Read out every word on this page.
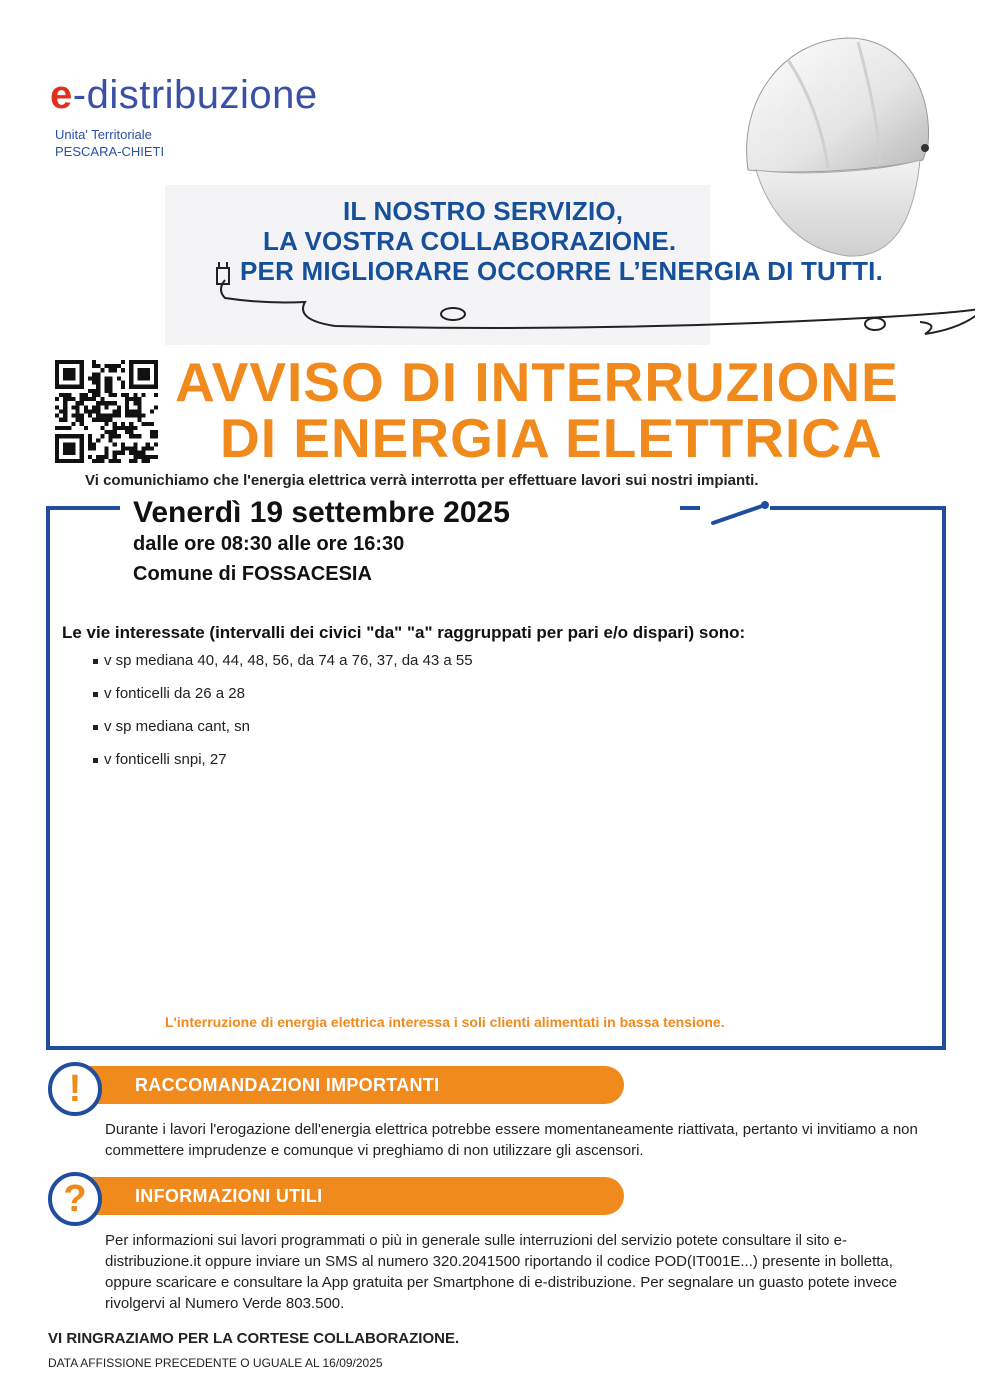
e-distribuzione
Unita' Territoriale
PESCARA-CHIETI
IL NOSTRO SERVIZIO,
LA VOSTRA COLLABORAZIONE.
PER MIGLIORARE OCCORRE L’ENERGIA DI TUTTI.
AVVISO DI INTERRUZIONE
DI ENERGIA ELETTRICA
Vi comunichiamo che l'energia elettrica verrà interrotta per effettuare lavori sui nostri impianti.
Venerdì 19 settembre 2025
dalle ore 08:30 alle ore 16:30
Comune di FOSSACESIA
Le vie interessate (intervalli dei civici "da" "a" raggruppati per pari e/o dispari) sono:
v sp mediana 40, 44, 48, 56, da 74 a 76, 37, da 43 a 55
v fonticelli da 26 a 28
v sp mediana cant, sn
v fonticelli snpi, 27
L'interruzione di energia elettrica interessa i soli clienti alimentati in bassa tensione.
!	RACCOMANDAZIONI IMPORTANTI
Durante i lavori l'erogazione dell'energia elettrica potrebbe essere momentaneamente riattivata, pertanto vi invitiamo a non commettere imprudenze e comunque vi preghiamo di non utilizzare gli ascensori.
?	INFORMAZIONI UTILI
Per informazioni sui lavori programmati o più in generale sulle interruzioni del servizio potete consultare il sito e-distribuzione.it oppure inviare un SMS al numero 320.2041500 riportando il codice POD(IT001E...) presente in bolletta, oppure scaricare e consultare la App gratuita per Smartphone di e-distribuzione. Per segnalare un guasto potete invece rivolgervi al Numero Verde 803.500.
VI RINGRAZIAMO PER LA CORTESE COLLABORAZIONE.
DATA AFFISSIONE PRECEDENTE O UGUALE AL 16/09/2025
